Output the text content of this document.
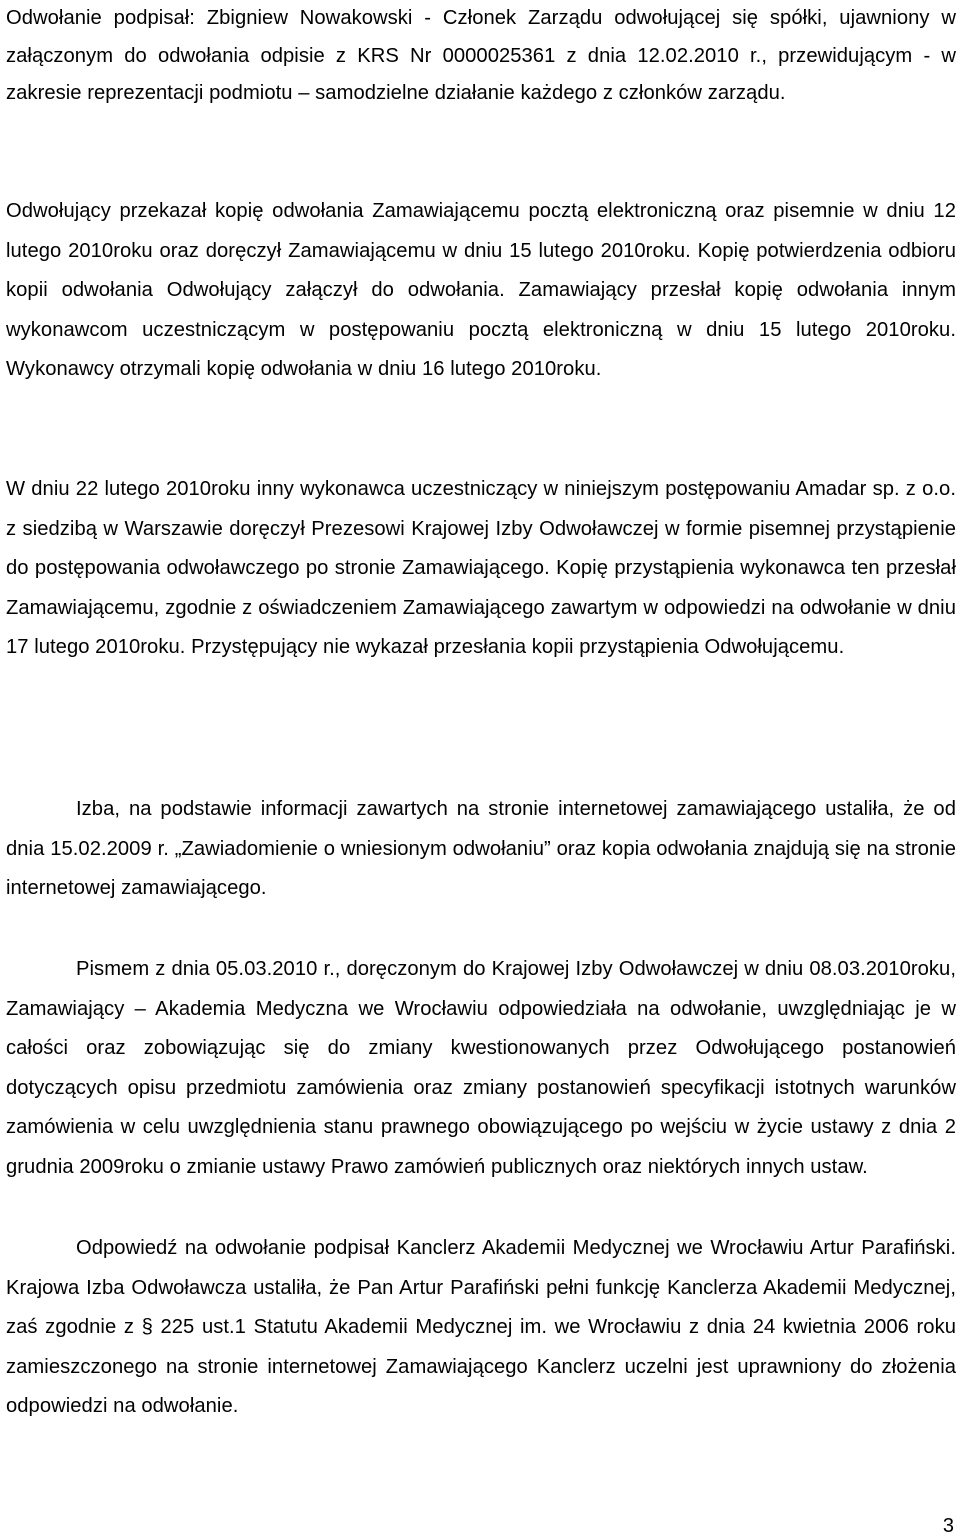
Odwołanie podpisał: Zbigniew Nowakowski - Członek Zarządu odwołującej się spółki, ujawniony w załączonym do odwołania odpisie z KRS Nr 0000025361 z dnia 12.02.2010 r., przewidującym - w zakresie reprezentacji podmiotu – samodzielne działanie każdego z członków zarządu.

Odwołujący przekazał kopię odwołania Zamawiającemu pocztą elektroniczną oraz pisemnie w dniu 12 lutego 2010roku oraz doręczył Zamawiającemu w dniu 15 lutego 2010roku. Kopię potwierdzenia odbioru kopii odwołania Odwołujący załączył do odwołania. Zamawiający przesłał kopię odwołania innym wykonawcom uczestniczącym w postępowaniu pocztą elektroniczną w dniu 15 lutego 2010roku. Wykonawcy otrzymali kopię odwołania w dniu 16 lutego 2010roku.

W dniu 22 lutego 2010roku inny wykonawca uczestniczący w niniejszym postępowaniu Amadar sp. z o.o. z siedzibą w Warszawie doręczył Prezesowi Krajowej Izby Odwoławczej w formie pisemnej przystąpienie do postępowania odwoławczego po stronie Zamawiającego. Kopię przystąpienia wykonawca ten przesłał Zamawiającemu, zgodnie z oświadczeniem Zamawiającego zawartym w odpowiedzi na odwołanie w dniu 17 lutego 2010roku. Przystępujący nie wykazał przesłania kopii przystąpienia Odwołującemu.

Izba, na podstawie informacji zawartych na stronie internetowej zamawiającego ustaliła, że od dnia 15.02.2009 r. „Zawiadomienie o wniesionym odwołaniu” oraz kopia odwołania znajdują się na stronie internetowej zamawiającego.

Pismem z dnia 05.03.2010 r., doręczonym do Krajowej Izby Odwoławczej w dniu 08.03.2010roku, Zamawiający – Akademia Medyczna we Wrocławiu odpowiedziała na odwołanie, uwzględniając je w całości oraz zobowiązując się do zmiany kwestionowanych przez Odwołującego postanowień dotyczących opisu przedmiotu zamówienia oraz zmiany postanowień specyfikacji istotnych warunków zamówienia w celu uwzględnienia stanu prawnego obowiązującego po wejściu w życie ustawy z dnia 2 grudnia 2009roku o zmianie ustawy Prawo zamówień publicznych oraz niektórych innych ustaw.

Odpowiedź na odwołanie podpisał Kanclerz Akademii Medycznej we Wrocławiu Artur Parafiński. Krajowa Izba Odwoławcza ustaliła, że Pan Artur Parafiński pełni funkcję Kanclerza Akademii Medycznej, zaś zgodnie z § 225 ust.1 Statutu Akademii Medycznej im. we Wrocławiu z dnia 24 kwietnia 2006 roku zamieszczonego na stronie internetowej Zamawiającego Kanclerz uczelni jest uprawniony do złożenia odpowiedzi na odwołanie.

3
